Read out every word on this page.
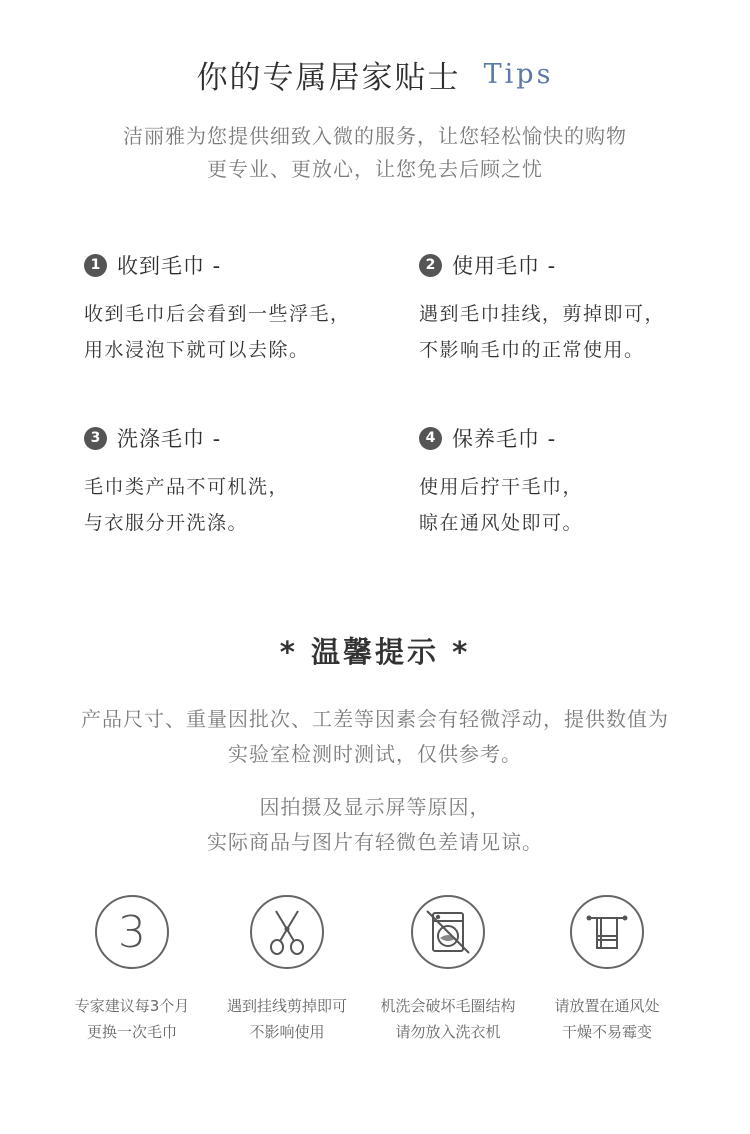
你的专属居家贴士 Tips
洁丽雅为您提供细致入微的服务，让您轻松愉快的购物
更专业、更放心，让您免去后顾之忧
1 收到毛巾 -
收到毛巾后会看到一些浮毛，
用水浸泡下就可以去除。
2 使用毛巾 -
遇到毛巾挂线，剪掉即可，
不影响毛巾的正常使用。
3 洗涤毛巾 -
毛巾类产品不可机洗，
与衣服分开洗涤。
4 保养毛巾 -
使用后拧干毛巾，
晾在通风处即可。
* 温馨提示 *
产品尺寸、重量因批次、工差等因素会有轻微浮动，提供数值为
实验室检测时测试，仅供参考。
因拍摄及显示屏等原因，
实际商品与图片有轻微色差请见谅。
3
专家建议每3个月
更换一次毛巾
遇到挂线剪掉即可
不影响使用
机洗会破坏毛圈结构
请勿放入洗衣机
请放置在通风处
干燥不易霉变
